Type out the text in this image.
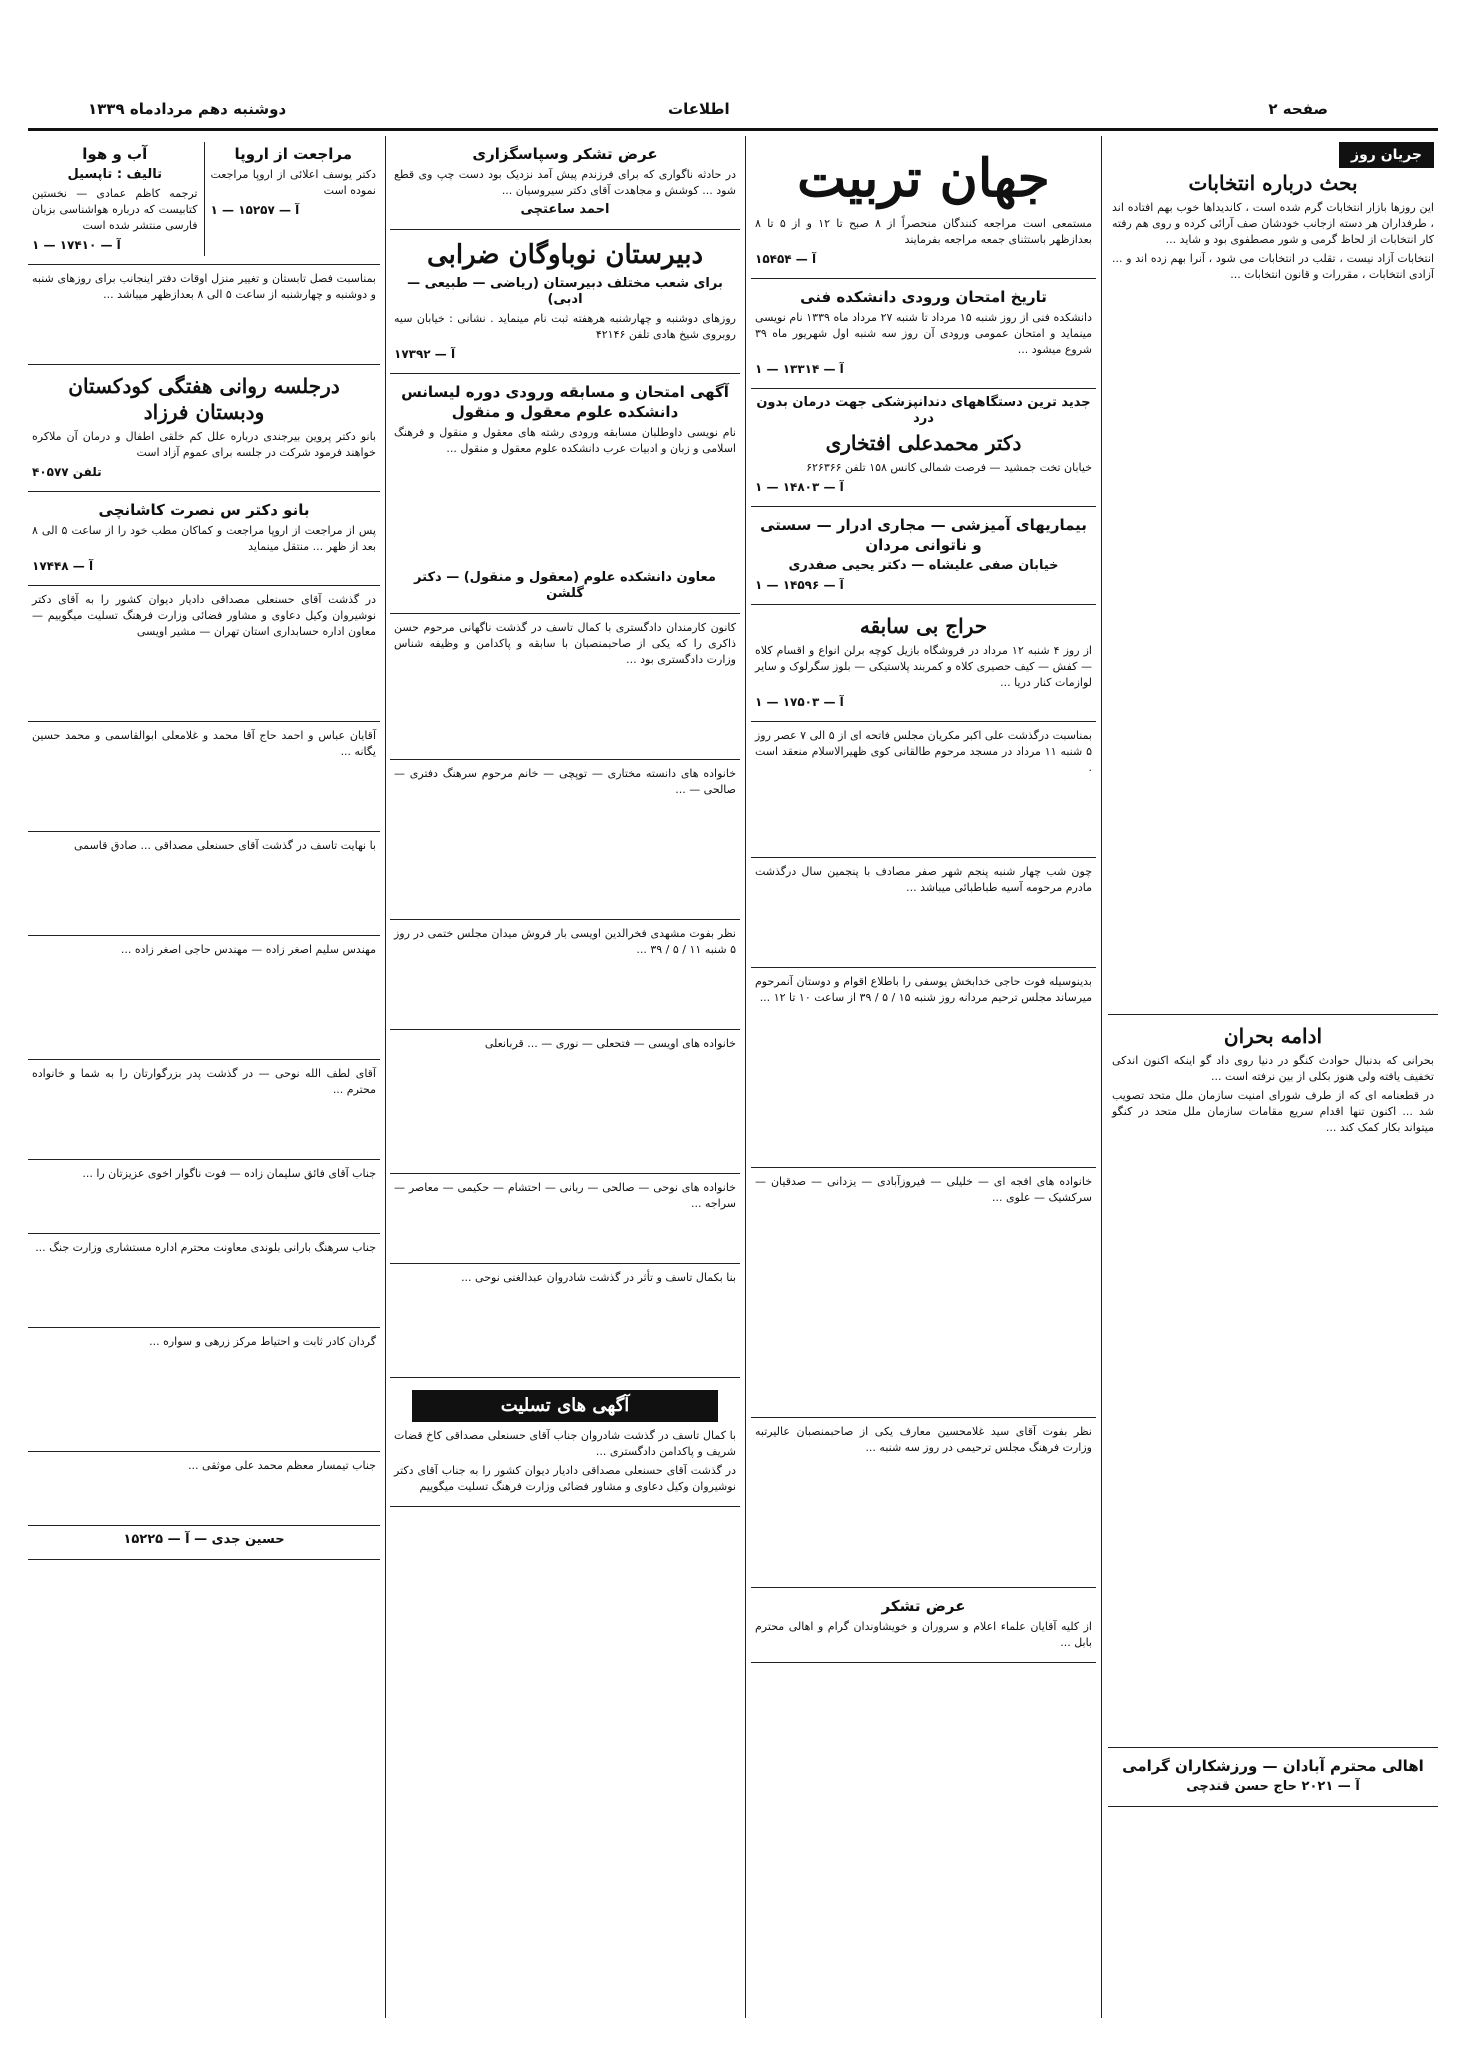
دوشنبه دهم مردادماه ۱۳۳۹	اطلاعات	صفحه ۲
جریان روز
بحث درباره انتخابات

این روزها بازار انتخابات گرم شده است ، کاندیداها خوب بهم افتاده اند ، طرفداران هر دسته ازجانب خودشان صف آرائی کرده و روی هم رفته کار انتخابات از لحاظ گرمی و شور مصطفوی بود و شاید ...

انتخابات آزاد نیست ، تقلب در انتخابات می شود ، آنرا بهم زده اند و ... آزادی انتخابات ، مقررات و قانون انتخابات ...

ادامه بحران

بحرانی که بدنبال حوادث کنگو در دنیا روی داد گو اینکه اکنون اندکی تخفیف یافته ولی هنوز بکلی از بین نرفته است ...

در قطعنامه ای که از طرف شورای امنیت سازمان ملل متحد تصویب شد ... اکنون تنها اقدام سریع مقامات سازمان ملل متحد در کنگو میتواند بکار کمک کند ...

اهالی محترم آبادان — ورزشکاران گرامی

آ — ۲۰۲۱ حاج حسن قندچی

جهان تربیت

مستمعی است مراجعه کنندگان منحصراً از ۸ صبح تا ۱۲ و از ۵ تا ۸ بعدازظهر باستثنای جمعه مراجعه بفرمایند

آ — ۱۵۴۵۴

تاریخ امتحان ورودی دانشکده فنی

دانشکده فنی از روز شنبه ۱۵ مرداد تا شنبه ۲۷ مرداد ماه ۱۳۳۹ نام نویسی مینماید و امتحان عمومی ورودی آن روز سه شنبه اول شهریور ماه ۳۹ شروع میشود ...

آ — ۱۳۳۱۴ — ۱

جدید ترین دستگاههای دندانپزشکی جهت درمان بدون درد

دکتر محمدعلی افتخاری

خیابان تخت جمشید — فرصت شمالی کانس ۱۵۸ تلفن ۶۲۶۳۶۶

آ — ۱۴۸۰۳ — ۱

بیماریهای آمیزشی — مجاری ادرار — سستی و ناتوانی مردان

خیابان صفی علیشاه — دکتر یحیی صفدری

آ — ۱۴۵۹۶ — ۱

حراج بی سابقه

از روز ۴ شنبه ۱۲ مرداد در فروشگاه بازیل کوچه برلن انواع و اقسام کلاه — کفش — کیف حصیری کلاه و کمربند پلاستیکی — بلوز سگرلوک و سایر لوازمات کنار دریا ...

آ — ۱۷۵۰۳ — ۱

بمناسبت درگذشت علی اکبر مکریان مجلس فاتحه ای از ۵ الی ۷ عصر روز ۵ شنبه ۱۱ مرداد در مسجد مرحوم طالقانی کوی ظهیرالاسلام منعقد است .

چون شب چهار شنبه پنجم شهر صفر مصادف با پنجمین سال درگذشت مادرم مرحومه آسیه طباطبائی میباشد ...

بدینوسیله فوت حاجی خدابخش یوسفی را باطلاع اقوام و دوستان آنمرحوم میرساند مجلس ترحیم مردانه روز شنبه ۱۵ / ۵ / ۳۹ از ساعت ۱۰ تا ۱۲ ...

خانواده های افجه ای — خلیلی — فیروزآبادی — یزدانی — صدقیان — سرکشیک — علوی ...

نظر بفوت آقای سید غلامحسین معارف یکی از صاحبمنصبان عالیرتبه وزارت فرهنگ مجلس ترحیمی در روز سه شنبه ...

عرض تشکر

از کلیه آقایان علماء اعلام و سروران و خویشاوندان گرام و اهالی محترم بابل ...

عرض تشکر وسپاسگزاری

در حادثه ناگواری که برای فرزندم پیش آمد نزدیک بود دست چپ وی قطع شود ... کوشش و مجاهدت آقای دکتر سیروسیان ...

احمد ساعتچی

دبیرستان نوباوگان ضرابی

برای شعب مختلف دبیرستان (ریاضی — طبیعی — ادبی)

روزهای دوشنبه و چهارشنبه هرهفته ثبت نام مینماید . نشانی : خیابان سیه روبروی شیخ هادی تلفن ۴۲۱۴۶

آ — ۱۷۳۹۲

آگهی امتحان و مسابقه ورودی دوره لیسانس دانشکده علوم معقول و منقول

نام نویسی داوطلبان مسابقه ورودی رشته های معقول و منقول و فرهنگ اسلامی و زبان و ادبیات عرب دانشکده علوم معقول و منقول ...

معاون دانشکده علوم (معقول و منقول) — دکتر گلشن

کانون کارمندان دادگستری با کمال تاسف در گذشت ناگهانی مرحوم حسن ذاکری را که یکی از صاحبمنصبان با سابقه و پاکدامن و وظیفه شناس وزارت دادگستری بود ...

خانواده های دانسته مختاری — توپچی — خانم مرحوم سرهنگ دفتری — صالحی — ...

نظر بفوت مشهدی فخرالدین اویسی بار فروش میدان مجلس ختمی در روز ۵ شنبه ۱۱ / ۵ / ۳۹ ...

خانواده های اویسی — فتحعلی — نوری — ... قربانعلی

خانواده های نوحی — صالحی — ربانی — احتشام — حکیمی — معاصر — سراجه ...

بنا بكمال تاسف و تأثر در گذشت شادروان عبدالغنی نوحی ...

آگهی های تسلیت

با کمال تاسف در گذشت شادروان جناب آقای حسنعلی مصداقی کاخ قضات شریف و پاکدامن دادگستری ...

در گذشت آقای حسنعلی مصداقی دادیار دیوان کشور را به جناب آقای دکتر نوشیروان وکیل دعاوی و مشاور فضائی وزارت فرهنگ تسلیت میگوییم

مراجعت از اروپا

دکتر یوسف اعلائی از اروپا مراجعت نموده است

آ — ۱۵۲۵۷ — ۱

آب و هوا

تالیف : تاپسیل

ترجمه کاظم عمادی — نخستین کتابیست که درباره هواشناسی بزبان فارسی منتشر شده است

آ — ۱۷۴۱۰ — ۱

بمناسبت فصل تابستان و تغییر منزل اوقات دفتر اینجانب برای روزهای شنبه و دوشنبه و چهارشنبه از ساعت ۵ الی ۸ بعدازظهر میباشد ...

درجلسه روانی هفتگی کودکستان ودبستان فرزاد

بانو دکتر پروین بیرجندی درباره علل کم خلقی اطفال و درمان آن ملاکره خواهند فرمود شرکت در جلسه برای عموم آزاد است

تلفن ۴۰۵۷۷

بانو دکتر س نصرت کاشانچی

پس از مراجعت از اروپا مراجعت و کماکان مطب خود را از ساعت ۵ الی ۸ بعد از ظهر ... منتقل مینماید

آ — ۱۷۴۴۸

در گذشت آقای حسنعلی مصداقی دادیار دیوان کشور را به آقای دکتر نوشیروان وکیل دعاوی و مشاور فضائی وزارت فرهنگ تسلیت میگوییم — معاون اداره حسابداری استان تهران — مشیر اویسی

آقایان عباس و احمد حاج آقا محمد و غلامعلی ابوالقاسمی و محمد حسین یگانه ...

با نهایت تاسف در گذشت آقای حسنعلی مصداقی ... صادق قاسمی

مهندس سلیم اصغر زاده — مهندس حاجی اصغر زاده ...

آقای لطف الله نوحی — در گذشت پدر بزرگوارتان را به شما و خانواده محترم ...

جناب آقای فائق سلیمان زاده — فوت ناگوار اخوی عزیزتان را ...

جناب سرهنگ بارانی بلوندی معاونت محترم اداره مستشاری وزارت جنگ ...

گردان کادر ثابت و احتیاط مرکز زرهی و سواره ...

جناب تیمسار معظم محمد علی موثقی ...

حسین جدی — آ — ۱۵۲۲۵
